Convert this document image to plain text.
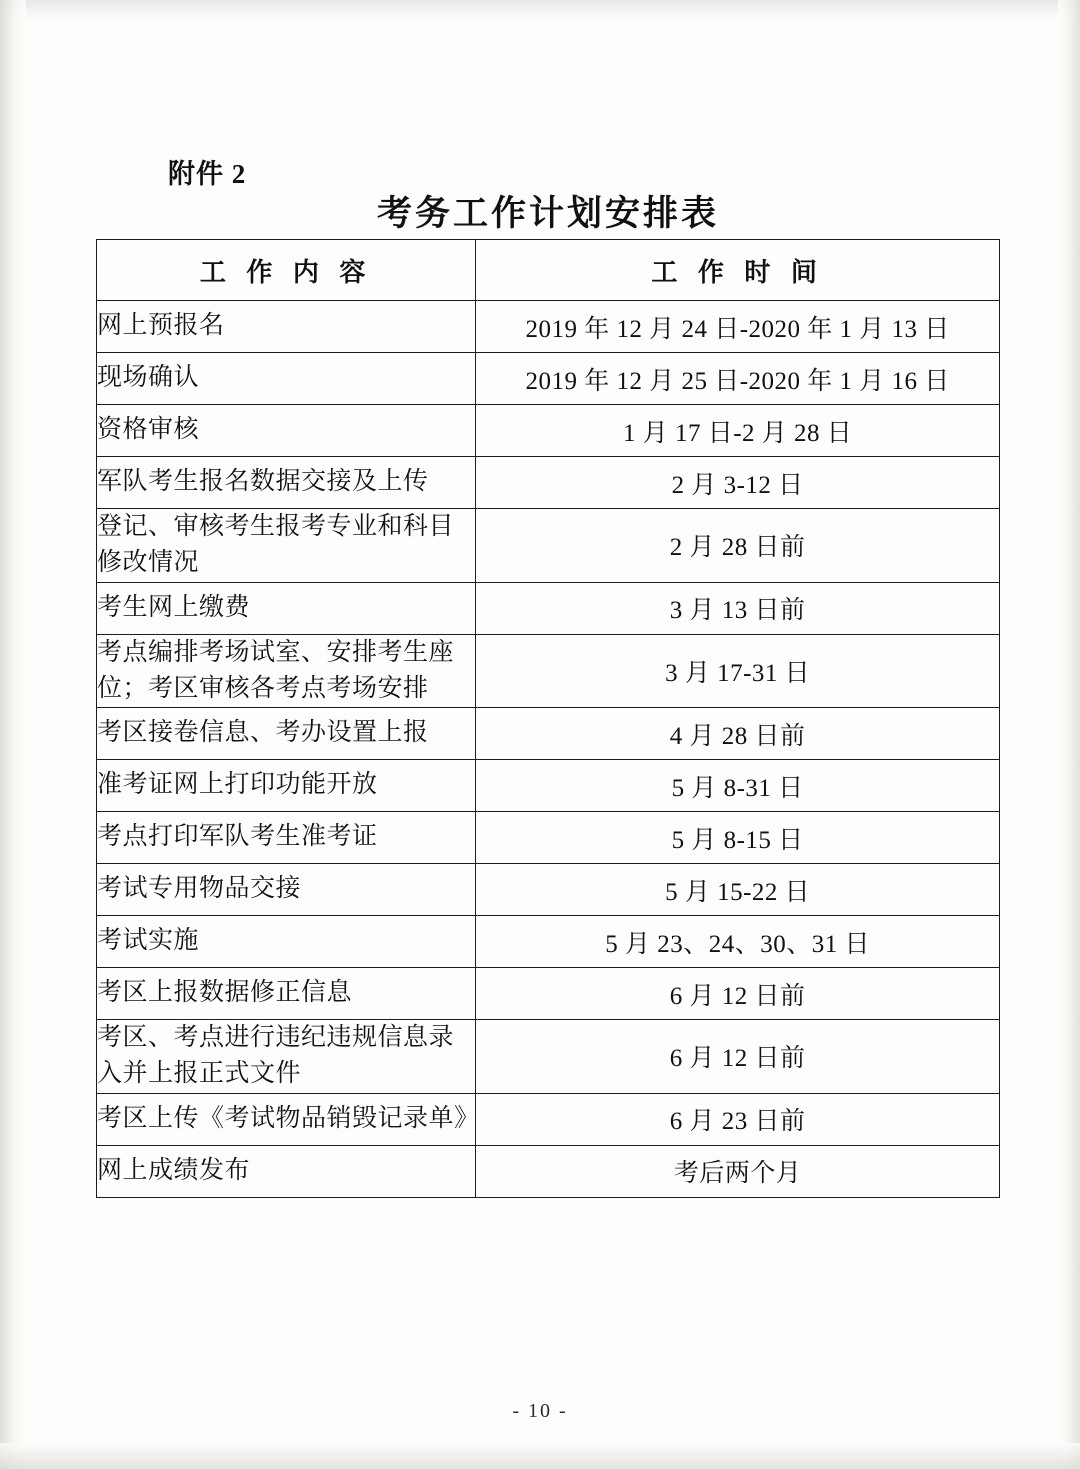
附件 2
考务工作计划安排表
工 作 内 容	工 作 时 间
网上预报名	2019 年 12 月 24 日-2020 年 1 月 13 日
现场确认	2019 年 12 月 25 日-2020 年 1 月 16 日
资格审核	1 月 17 日-2 月 28 日
军队考生报名数据交接及上传	2 月 3-12 日
登记、审核考生报考专业和科目修改情况	2 月 28 日前
考生网上缴费	3 月 13 日前
考点编排考场试室、安排考生座位；考区审核各考点考场安排	3 月 17-31 日
考区接卷信息、考办设置上报	4 月 28 日前
准考证网上打印功能开放	5 月 8-31 日
考点打印军队考生准考证	5 月 8-15 日
考试专用物品交接	5 月 15-22 日
考试实施	5 月 23、24、30、31 日
考区上报数据修正信息	6 月 12 日前
考区、考点进行违纪违规信息录入并上报正式文件	6 月 12 日前
考区上传《考试物品销毁记录单》	6 月 23 日前
网上成绩发布	考后两个月
- 10 -
